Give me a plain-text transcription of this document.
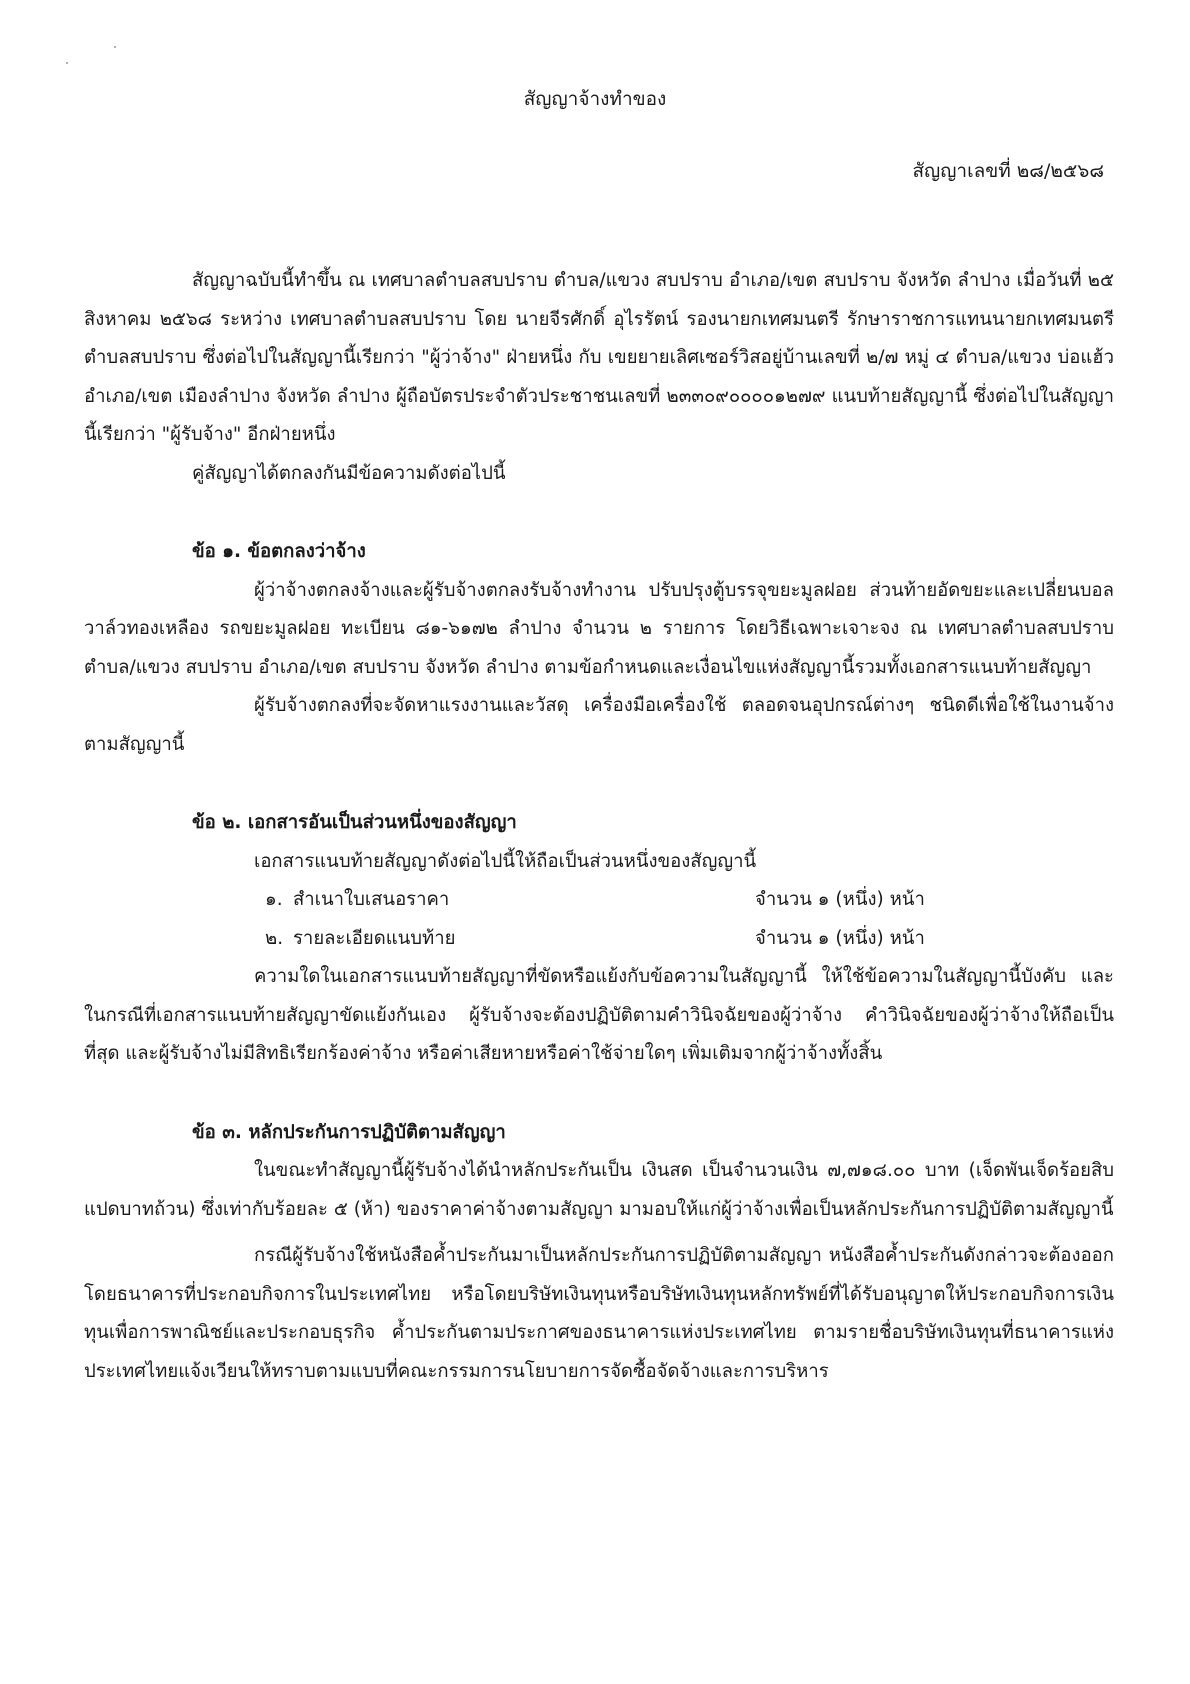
สัญญาจ้างทำของ
สัญญาเลขที่ ๒๘/๒๕๖๘

สัญญาฉบับนี้ทำขึ้น ณ เทศบาลตำบลสบปราบ ตำบล/แขวง สบปราบ อำเภอ/เขต สบปราบ จังหวัด ลำปาง เมื่อวันที่ ๒๕ สิงหาคม ๒๕๖๘ ระหว่าง เทศบาลตำบลสบปราบ โดย นายจีรศักดิ์ อุไรรัตน์ รองนายกเทศมนตรี รักษาราชการแทนนายกเทศมนตรีตำบลสบปราบ ซึ่งต่อไปในสัญญานี้เรียกว่า "ผู้ว่าจ้าง" ฝ่ายหนึ่ง กับ เขยยายเลิศเซอร์วิสอยู่บ้านเลขที่ ๒/๗ หมู่ ๔ ตำบล/แขวง บ่อแฮ้ว อำเภอ/เขต เมืองลำปาง จังหวัด ลำปาง ผู้ถือบัตรประจำตัวประชาชนเลขที่ ๒๓๓๐๙๐๐๐๐๑๒๗๙ แนบท้ายสัญญานี้ ซึ่งต่อไปในสัญญานี้เรียกว่า "ผู้รับจ้าง" อีกฝ่ายหนึ่ง

คู่สัญญาได้ตกลงกันมีข้อความดังต่อไปนี้

ข้อ ๑. ข้อตกลงว่าจ้าง

ผู้ว่าจ้างตกลงจ้างและผู้รับจ้างตกลงรับจ้างทำงาน ปรับปรุงตู้บรรจุขยะมูลฝอย ส่วนท้ายอัดขยะและเปลี่ยนบอลวาล์วทองเหลือง รถขยะมูลฝอย ทะเบียน ๘๑-๖๑๗๒ ลำปาง จำนวน ๒ รายการ โดยวิธีเฉพาะเจาะจง ณ เทศบาลตำบลสบปราบ ตำบล/แขวง สบปราบ อำเภอ/เขต สบปราบ จังหวัด ลำปาง ตามข้อกำหนดและเงื่อนไขแห่งสัญญานี้รวมทั้งเอกสารแนบท้ายสัญญา

ผู้รับจ้างตกลงที่จะจัดหาแรงงานและวัสดุ เครื่องมือเครื่องใช้ ตลอดจนอุปกรณ์ต่างๆ ชนิดดีเพื่อใช้ในงานจ้างตามสัญญานี้

ข้อ ๒. เอกสารอันเป็นส่วนหนึ่งของสัญญา

เอกสารแนบท้ายสัญญาดังต่อไปนี้ให้ถือเป็นส่วนหนึ่งของสัญญานี้

๑. สำเนาใบเสนอราคา	จำนวน ๑ (หนึ่ง) หน้า
๒. รายละเอียดแนบท้าย	จำนวน ๑ (หนึ่ง) หน้า

ความใดในเอกสารแนบท้ายสัญญาที่ขัดหรือแย้งกับข้อความในสัญญานี้ ให้ใช้ข้อความในสัญญานี้บังคับ และในกรณีที่เอกสารแนบท้ายสัญญาขัดแย้งกันเอง ผู้รับจ้างจะต้องปฏิบัติตามคำวินิจฉัยของผู้ว่าจ้าง คำวินิจฉัยของผู้ว่าจ้างให้ถือเป็นที่สุด และผู้รับจ้างไม่มีสิทธิเรียกร้องค่าจ้าง หรือค่าเสียหายหรือค่าใช้จ่ายใดๆ เพิ่มเติมจากผู้ว่าจ้างทั้งสิ้น

ข้อ ๓. หลักประกันการปฏิบัติตามสัญญา

ในขณะทำสัญญานี้ผู้รับจ้างได้นำหลักประกันเป็น เงินสด เป็นจำนวนเงิน ๗,๗๑๘.๐๐ บาท (เจ็ดพันเจ็ดร้อยสิบแปดบาทถ้วน) ซึ่งเท่ากับร้อยละ ๕ (ห้า) ของราคาค่าจ้างตามสัญญา มามอบให้แก่ผู้ว่าจ้างเพื่อเป็นหลักประกันการปฏิบัติตามสัญญานี้

กรณีผู้รับจ้างใช้หนังสือค้ำประกันมาเป็นหลักประกันการปฏิบัติตามสัญญา หนังสือค้ำประกันดังกล่าวจะต้องออกโดยธนาคารที่ประกอบกิจการในประเทศไทย หรือโดยบริษัทเงินทุนหรือบริษัทเงินทุนหลักทรัพย์ที่ได้รับอนุญาตให้ประกอบกิจการเงินทุนเพื่อการพาณิชย์และประกอบธุรกิจ ค้ำประกันตามประกาศของธนาคารแห่งประเทศไทย ตามรายชื่อบริษัทเงินทุนที่ธนาคารแห่งประเทศไทยแจ้งเวียนให้ทราบตามแบบที่คณะกรรมการนโยบายการจัดซื้อจัดจ้างและการบริหาร
